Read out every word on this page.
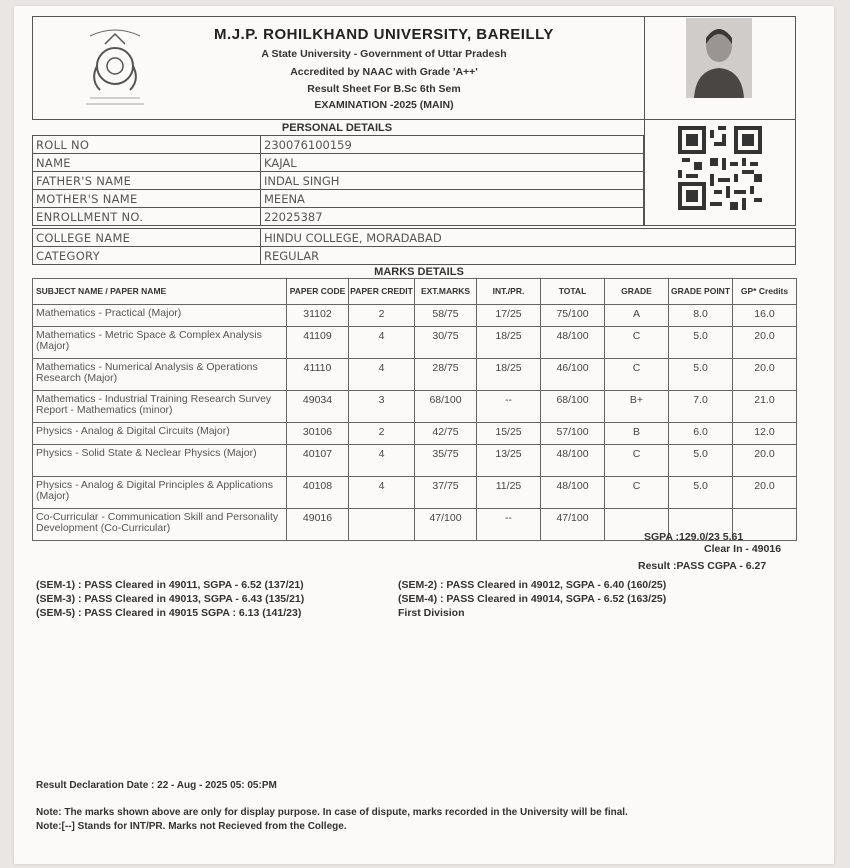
M.J.P. ROHILKHAND UNIVERSITY, BAREILLY
A State University - Government of Uttar Pradesh
Accredited by NAAC with Grade 'A++'
Result Sheet For B.Sc 6th Sem
EXAMINATION -2025 (MAIN)
PERSONAL DETAILS
ROLL NO	230076100159
NAME	KAJAL
FATHER'S NAME	INDAL SINGH
MOTHER'S NAME	MEENA
ENROLLMENT NO.	22025387
COLLEGE NAME	HINDU COLLEGE, MORADABAD
CATEGORY	REGULAR
MARKS DETAILS
SUBJECT NAME / PAPER NAME	PAPER CODE	PAPER CREDIT	EXT.MARKS	INT./PR.	TOTAL	GRADE	GRADE POINT	GP* Credits
Mathematics - Practical (Major)	31102	2	58/75	17/25	75/100	A	8.0	16.0
Mathematics - Metric Space & Complex Analysis (Major)	41109	4	30/75	18/25	48/100	C	5.0	20.0
Mathematics - Numerical Analysis & Operations Research (Major)	41110	4	28/75	18/25	46/100	C	5.0	20.0
Mathematics - Industrial Training Research Survey Report - Mathematics (minor)	49034	3	68/100	--	68/100	B+	7.0	21.0
Physics - Analog & Digital Circuits (Major)	30106	2	42/75	15/25	57/100	B	6.0	12.0
Physics - Solid State & Neclear Physics (Major)	40107	4	35/75	13/25	48/100	C	5.0	20.0
Physics - Analog & Digital Principles & Applications (Major)	40108	4	37/75	11/25	48/100	C	5.0	20.0
Co-Curricular - Communication Skill and Personality Development (Co-Curricular)	49016		47/100	--	47/100			
SGPA :129.0/23 5.61
Clear In - 49016
Result :PASS CGPA - 6.27
(SEM-1) : PASS Cleared in 49011, SGPA - 6.52 (137/21)
(SEM-3) : PASS Cleared in 49013, SGPA - 6.43 (135/21)
(SEM-5) : PASS Cleared in 49015 SGPA : 6.13 (141/23)
(SEM-2) : PASS Cleared in 49012, SGPA - 6.40 (160/25)
(SEM-4) : PASS Cleared in 49014, SGPA - 6.52 (163/25)
First Division
Result Declaration Date : 22 - Aug - 2025 05: 05:PM
Note: The marks shown above are only for display purpose. In case of dispute, marks recorded in the University will be final.
Note:[--] Stands for INT/PR. Marks not Recieved from the College.
